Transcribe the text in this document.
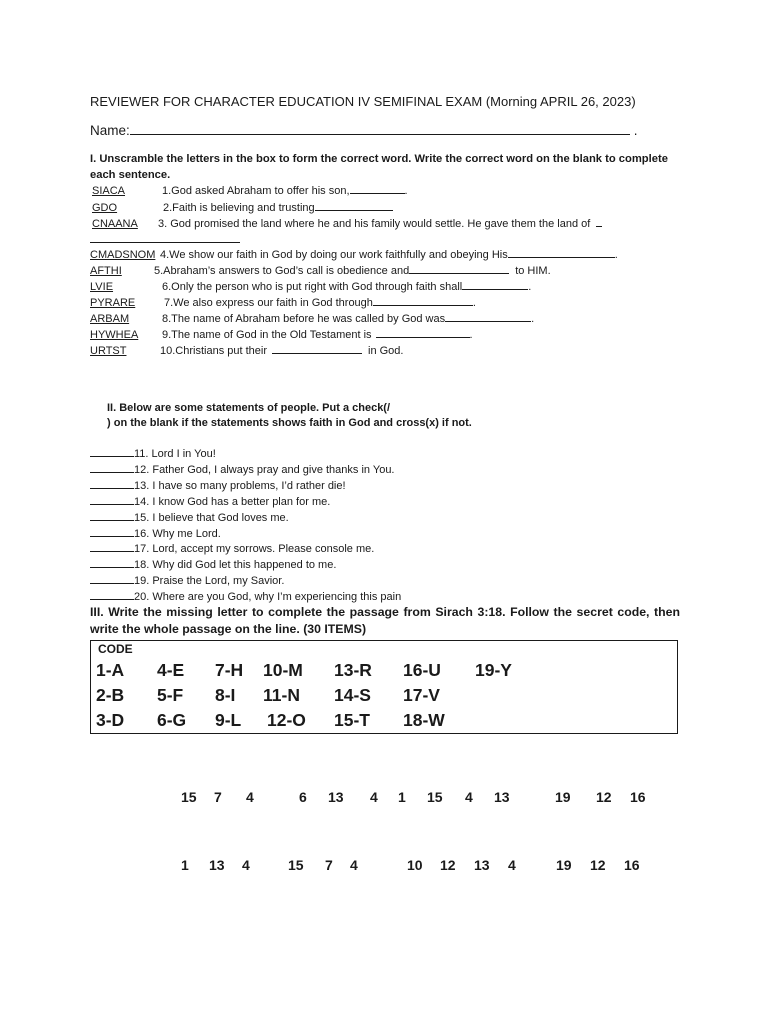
REVIEWER FOR CHARACTER EDUCATION IV SEMIFINAL EXAM (Morning APRIL 26, 2023)
Name:	.
I. Unscramble the letters in the box to form the correct word. Write the correct word on the blank to complete each sentence.
SIACA	1.God asked Abraham to offer his son,	.
GDO	2.Faith is believing and trusting
CNAANA 3. God promised the land where he and his family would settle. He gave them the land of
CMADSNOM 4.We show our faith in God by doing our work faithfully and obeying His	.
AFTHI	5.Abraham’s answers to God’s call is obedience and	to HIM.
LVIE	6.Only the person who is put right with God through faith shall	.
PYRARE	7.We also express our faith in God through	.
ARBAM	8.The name of Abraham before he was called by God was	.
HYWHEA 9.The name of God in the Old Testament is	.
URTST	10.Christians put their	in God.
II. Below are some statements of people. Put a check(/
) on the blank if the statements shows faith in God and cross(x) if not.
11. Lord I in You!
12. Father God, I always pray and give thanks in You.
13. I have so many problems, I’d rather die!
14. I know God has a better plan for me.
15. I believe that God loves me.
16. Why me Lord.
17. Lord, accept my sorrows. Please console me.
18. Why did God let this happened to me.
19. Praise the Lord, my Savior.
20. Where are you God, why I’m experiencing this pain
III. Write the missing letter to complete the passage from Sirach 3:18. Follow the secret code, then write the whole passage on the line. (30 ITEMS)
CODE
1-A 4-E 7-H 10-M 13-R 16-U 19-Y
2-B 5-F 8-I 11-N 14-S 17-V
3-D 6-G 9-L 12-O 15-T 18-W
15 7 4	6 13 4 1 15 4 13	19 12 16
1 13 4	15 7 4	10 12 13 4	19 12 16
